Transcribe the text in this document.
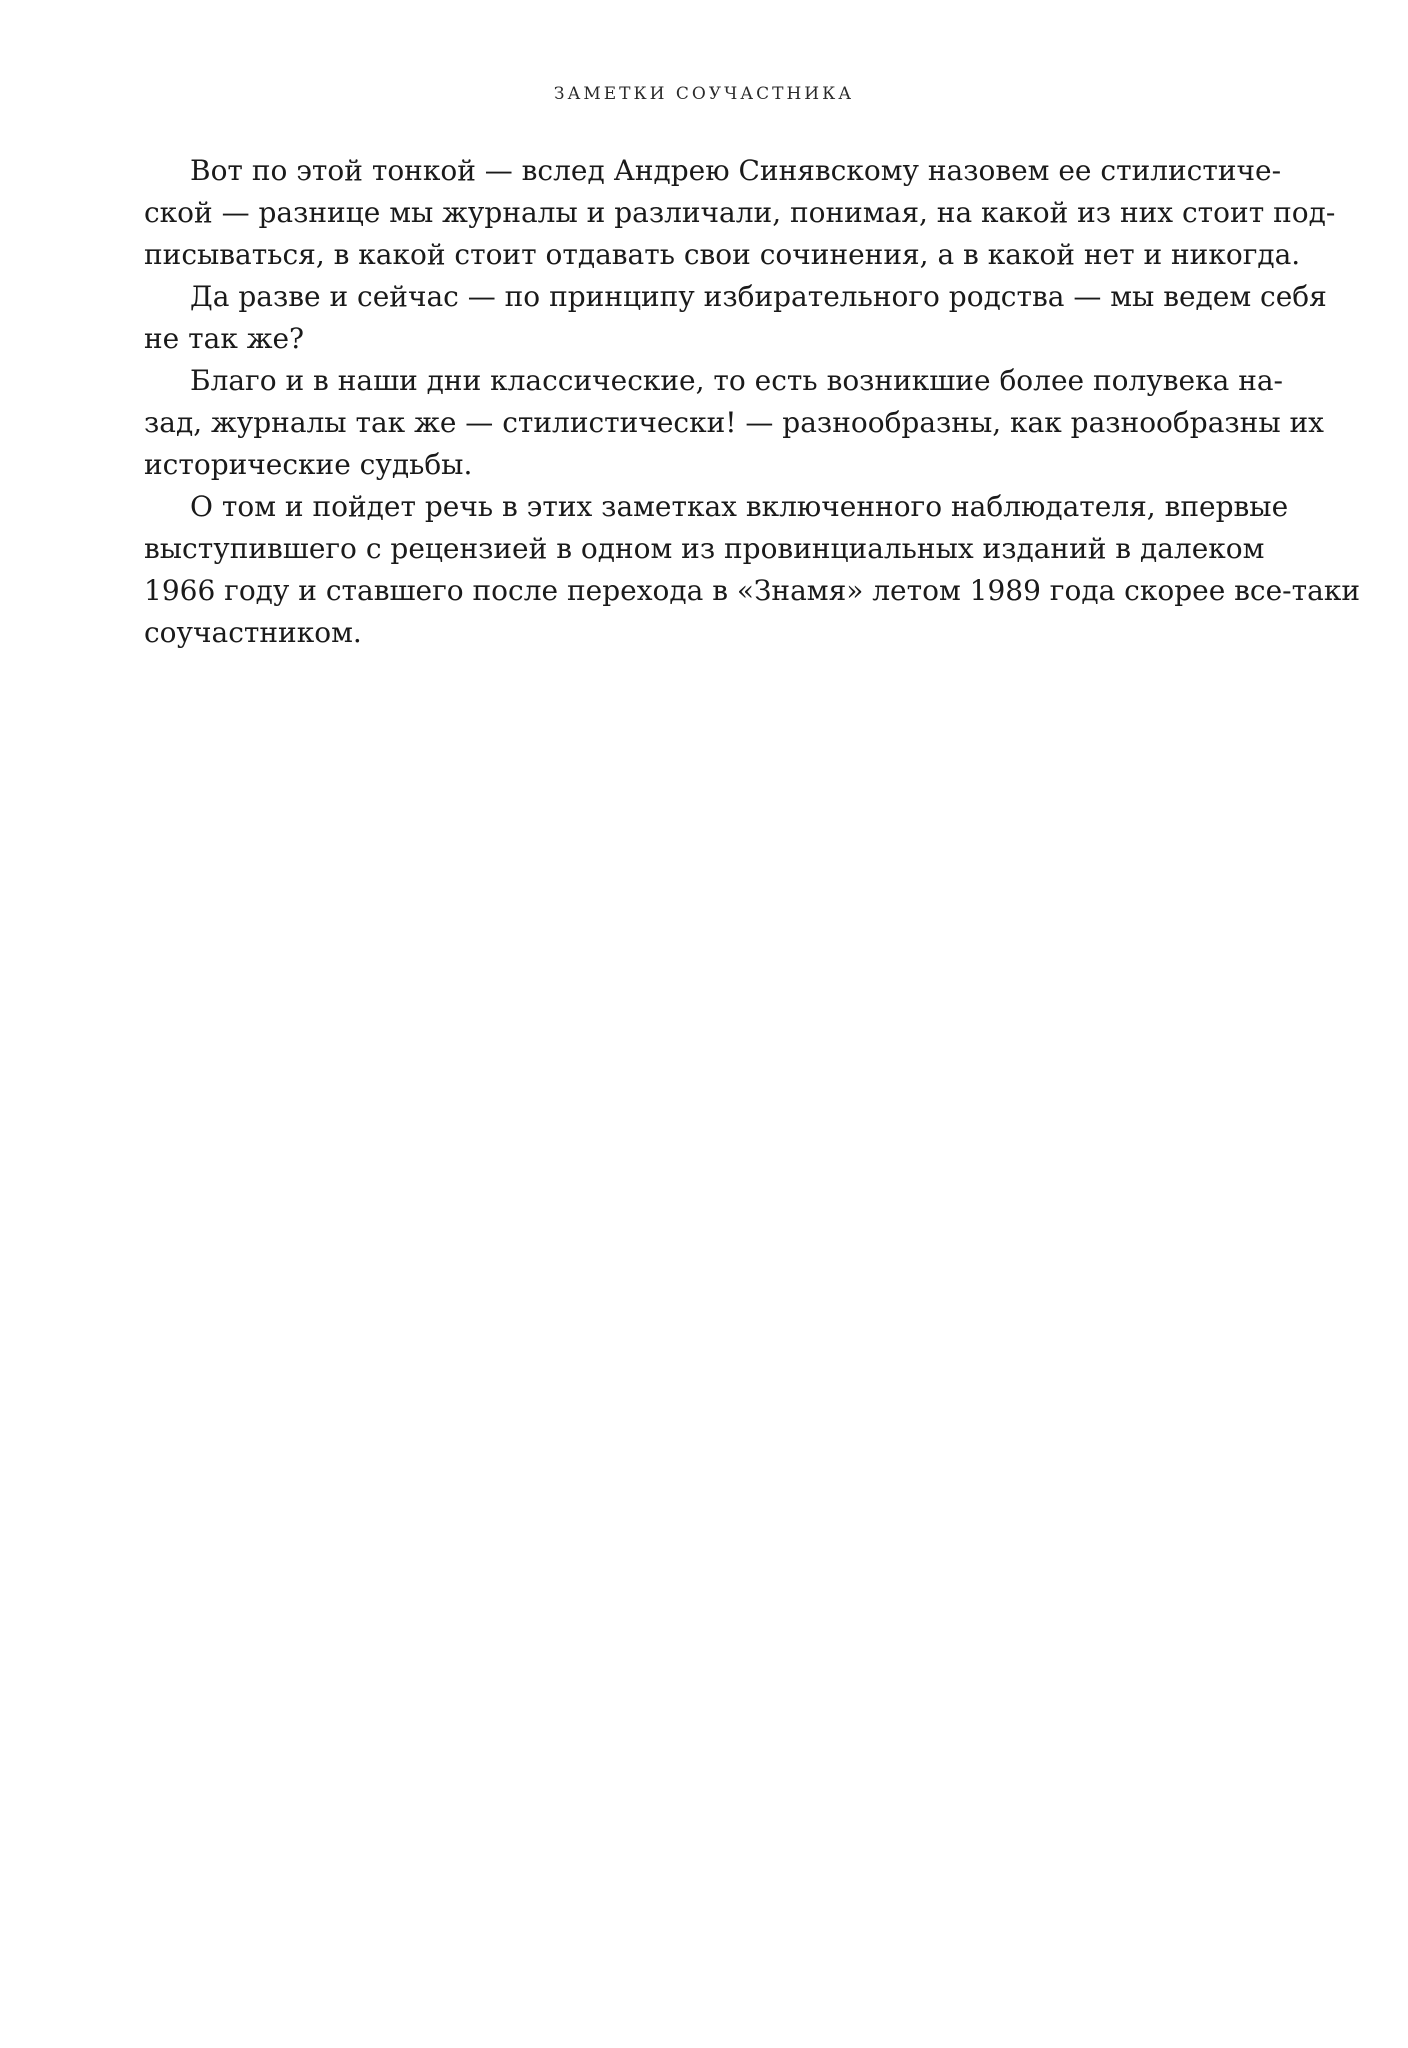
ЗАМЕТКИ СОУЧАСТНИКА
Вот по этой тонкой — вслед Андрею Синявскому назовем ее стилистиче-
ской — разнице мы журналы и различали, понимая, на какой из них стоит под-
писываться, в какой стоит отдавать свои сочинения, а в какой нет и никогда.
Да разве и сейчас — по принципу избирательного родства — мы ведем себя
не так же?
Благо и в наши дни классические, то есть возникшие более полувека на-
зад, журналы так же — стилистически! — разнообразны, как разнообразны их
исторические судьбы.
О том и пойдет речь в этих заметках включенного наблюдателя, впервые
выступившего с рецензией в одном из провинциальных изданий в далеком
1966 году и ставшего после перехода в «Знамя» летом 1989 года скорее все-таки
соучастником.
